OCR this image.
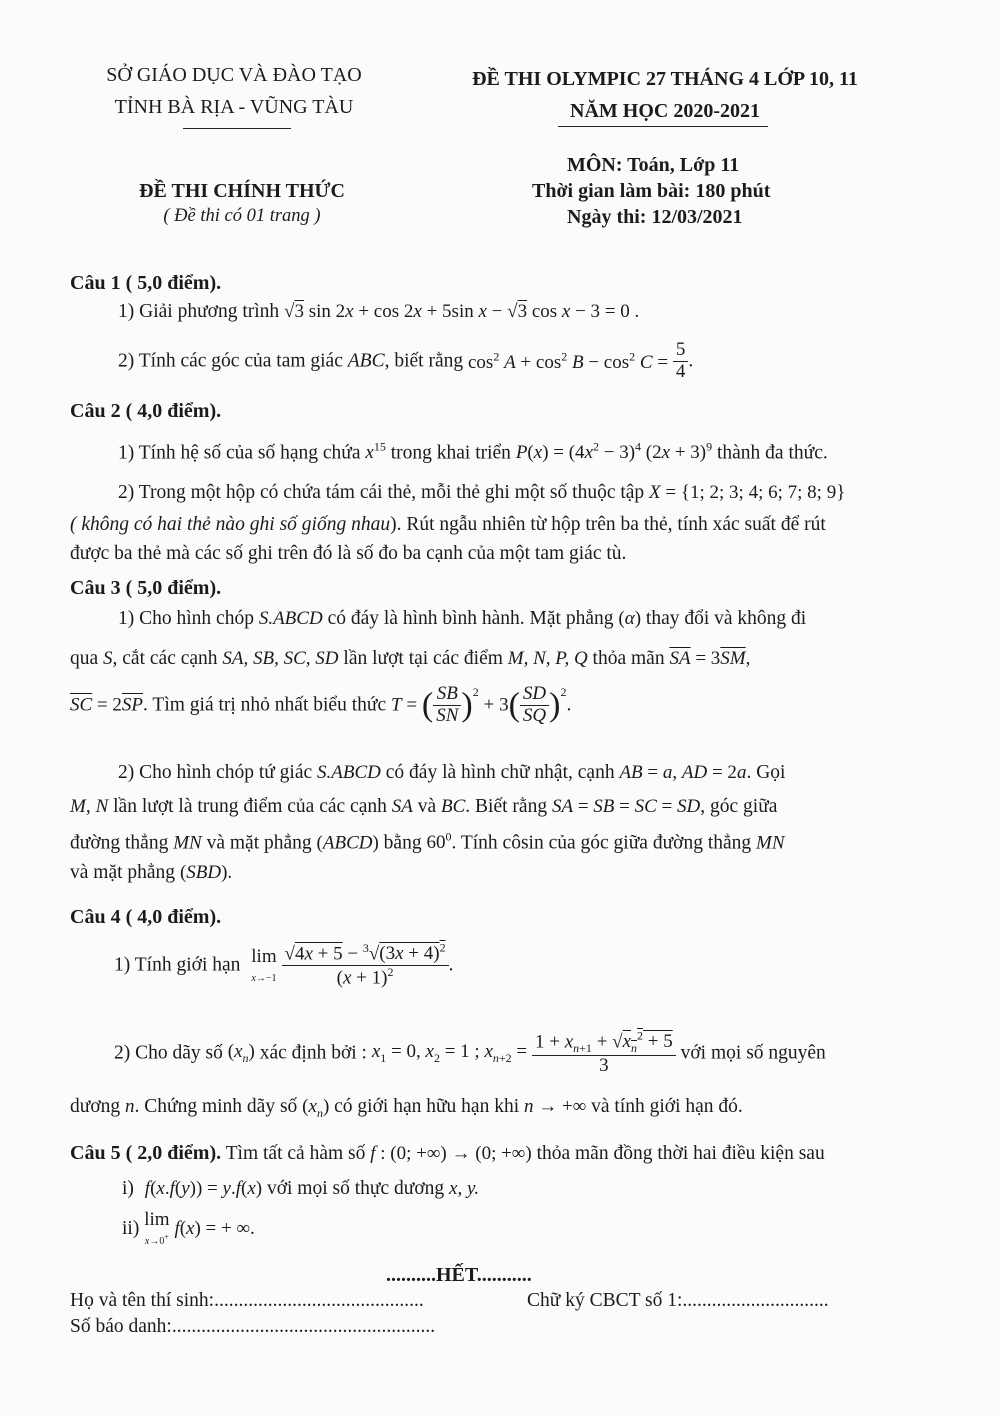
SỞ GIÁO DỤC VÀ ĐÀO TẠO
TỈNH BÀ RỊA - VŨNG TÀU
ĐỀ THI OLYMPIC 27 THÁNG 4 LỚP 10, 11
NĂM HỌC 2020-2021
ĐỀ THI CHÍNH THỨC
( Đề thi có 01 trang )
MÔN: Toán, Lớp 11
Thời gian làm bài: 180 phút
Ngày thi: 12/03/2021
Câu 1 ( 5,0 điểm).
1) Giải phương trình √3 sin 2x + cos 2x + 5sin x − √3 cos x − 3 = 0 .
2) Tính các góc của tam giác ABC, biết rằng $\cos^2 A + \cos^2 B - \cos^2 C = \frac{5}{4}$ .
Câu 2 ( 4,0 điểm).
1) Tính hệ số của số hạng chứa $x^{15}$ trong khai triển $P(x) = (4x^2 - 3)^4$ $(2x + 3)^9$ thành đa thức.
2) Trong một hộp có chứa tám cái thẻ, mỗi thẻ ghi một số thuộc tập X = {1; 2; 3; 4; 6; 7; 8; 9}
( không có hai thẻ nào ghi số giống nhau). Rút ngẫu nhiên từ hộp trên ba thẻ, tính xác suất để rút
được ba thẻ mà các số ghi trên đó là số đo ba cạnh của một tam giác tù.
Câu 3 ( 5,0 điểm).
1) Cho hình chóp S.ABCD có đáy là hình bình hành. Mặt phẳng (α) thay đổi và không đi
qua S, cắt các cạnh SA, SB, SC, SD lần lượt tại các điểm M, N, P, Q thỏa mãn $\overline{SA} = 3\overline{SM}$,
$\overline{SC} = 2\overline{SP}$. Tìm giá trị nhỏ nhất biểu thức T = ( $\frac{SB}{SN} )^2 + 3( \frac{SD}{SQ} )^2$.
2) Cho hình chóp tứ giác S.ABCD có đáy là hình chữ nhật, cạnh AB = a, AD = 2a. Gọi
M, N lần lượt là trung điểm của các cạnh SA và BC. Biết rằng SA = SB = SC = SD, góc giữa
đường thẳng MN và mặt phẳng (ABCD) bằng $60^0$. Tính côsin của góc giữa đường thẳng MN
và mặt phẳng (SBD).
Câu 4 ( 4,0 điểm).
1) Tính giới hạn lim
$x\to-1 \frac{√4x + 5 - ^3√(3x + 4)^2}{(x + 1)^2}$ .
2) Cho dãy số $(x_n)$ xác định bởi : $x_1 = 0$, $x_2 = 1$ ; $x_{n+2} = \frac{1 + x_{n+1} + √x_n^2 + 5}{3}$ với mọi số nguyên
dương n. Chứng minh dãy số $(x_n)$ có giới hạn hữu hạn khi n → +∞ và tính giới hạn đó.
Câu 5 ( 2,0 điểm). Tìm tất cả hàm số f : (0; +∞) → (0; +∞) thỏa mãn đồng thời hai điều kiện sau
i) f(x.f(y)) = y.f(x) với mọi số thực dương x, y.
ii) lim
x→0+ f(x) = + ∞.
..........HẾT...........
Họ và tên thí sinh:...........................................	Chữ ký CBCT số 1:..............................
Số báo danh:......................................................
